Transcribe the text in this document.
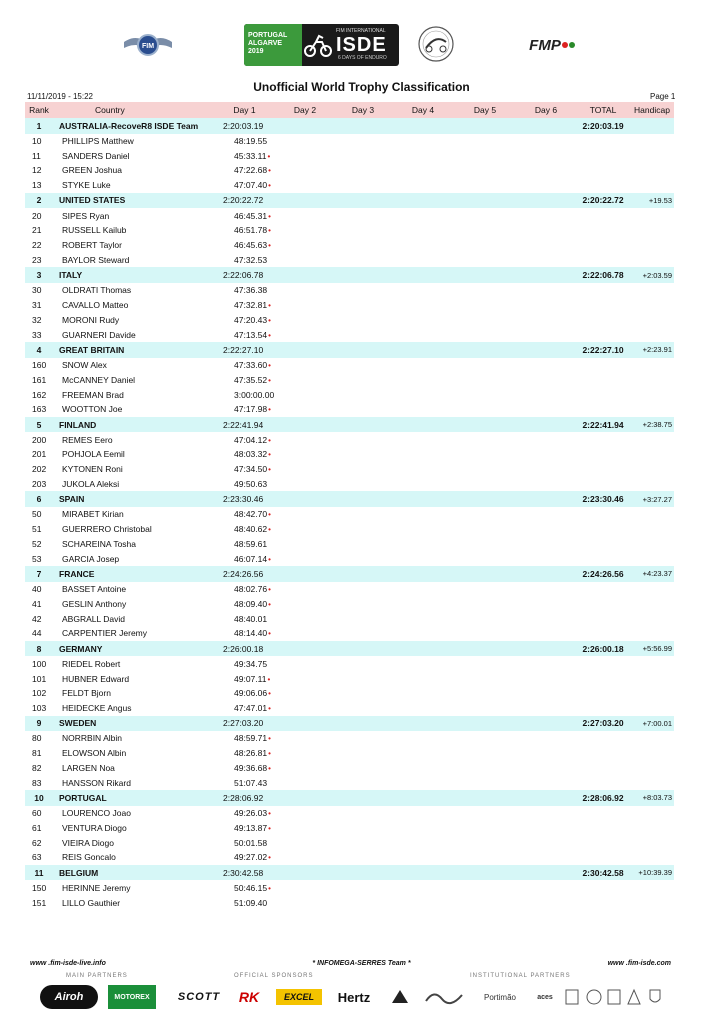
FIM
PORTUGAL
ALGARVE
2019
FIM INTERNATIONAL
ISDE
6 DAYS OF ENDURO
FMP
11/11/2019 - 15:22
Unofficial World Trophy Classification
Page 1
Rank	Country	Day 1	Day 2	Day 3	Day 4	Day 5	Day 6	TOTAL	Handicap
1	AUSTRALIA-RecoveR8 ISDE Team	2:20:03.19						2:20:03.19	
10	PHILLIPS Matthew	48:19.55							
11	SANDERS Daniel	45:33.11•							
12	GREEN Joshua	47:22.68•							
13	STYKE Luke	47:07.40•							
2	UNITED STATES	2:20:22.72						2:20:22.72	+19.53
20	SIPES Ryan	46:45.31•							
21	RUSSELL Kailub	46:51.78•							
22	ROBERT Taylor	46:45.63•							
23	BAYLOR Steward	47:32.53							
3	ITALY	2:22:06.78						2:22:06.78	+2:03.59
30	OLDRATI Thomas	47:36.38							
31	CAVALLO Matteo	47:32.81•							
32	MORONI Rudy	47:20.43•							
33	GUARNERI Davide	47:13.54•							
4	GREAT BRITAIN	2:22:27.10						2:22:27.10	+2:23.91
160	SNOW Alex	47:33.60•							
161	McCANNEY Daniel	47:35.52•							
162	FREEMAN Brad	3:00:00.00							
163	WOOTTON Joe	47:17.98•							
5	FINLAND	2:22:41.94						2:22:41.94	+2:38.75
200	REMES Eero	47:04.12•							
201	POHJOLA Eemil	48:03.32•							
202	KYTONEN Roni	47:34.50•							
203	JUKOLA Aleksi	49:50.63							
6	SPAIN	2:23:30.46						2:23:30.46	+3:27.27
50	MIRABET Kirian	48:42.70•							
51	GUERRERO Christobal	48:40.62•							
52	SCHAREINA Tosha	48:59.61							
53	GARCIA Josep	46:07.14•							
7	FRANCE	2:24:26.56						2:24:26.56	+4:23.37
40	BASSET Antoine	48:02.76•							
41	GESLIN Anthony	48:09.40•							
42	ABGRALL David	48:40.01							
44	CARPENTIER Jeremy	48:14.40•							
8	GERMANY	2:26:00.18						2:26:00.18	+5:56.99
100	RIEDEL Robert	49:34.75							
101	HUBNER Edward	49:07.11•							
102	FELDT Bjorn	49:06.06•							
103	HEIDECKE Angus	47:47.01•							
9	SWEDEN	2:27:03.20						2:27:03.20	+7:00.01
80	NORRBIN Albin	48:59.71•							
81	ELOWSON Albin	48:26.81•							
82	LARGEN Noa	49:36.68•							
83	HANSSON Rikard	51:07.43							
10	PORTUGAL	2:28:06.92						2:28:06.92	+8:03.73
60	LOURENCO Joao	49:26.03•							
61	VENTURA Diogo	49:13.87•							
62	VIEIRA Diogo	50:01.58							
63	REIS Goncalo	49:27.02•							
11	BELGIUM	2:30:42.58						2:30:42.58	+10:39.39
150	HERINNE Jeremy	50:46.15•							
151	LILLO Gauthier	51:09.40							
www .fim-isde-live.info	* INFOMEGA-SERRES Team *	www .fim-isde.com
MAIN PARTNERS	OFFICIAL SPONSORS	INSTITUTIONAL PARTNERS
Airoh	MOTOREX	SCOTT	RK	EXCEL	Hertz	Portimão	aces
